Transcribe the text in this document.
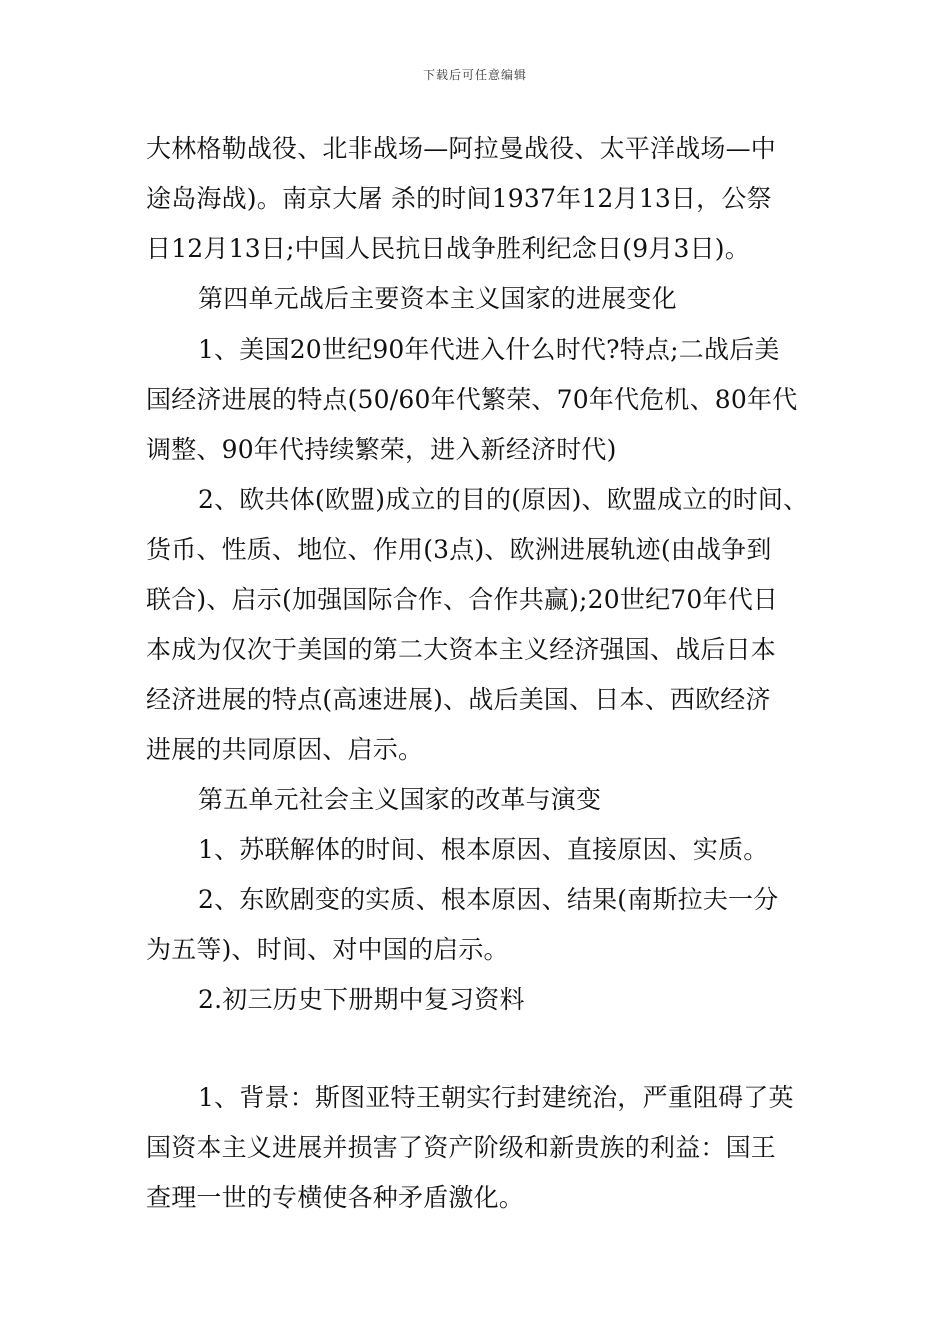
下载后可任意编辑
大林格勒战役、北非战场—阿拉曼战役、太平洋战场—中
途岛海战)。南京大屠 杀的时间1937年12月13日，公祭
日12月13日;中国人民抗日战争胜利纪念日(9月3日)。
第四单元战后主要资本主义国家的进展变化
1、美国20世纪90年代进入什么时代?特点;二战后美
国经济进展的特点(50/60年代繁荣、70年代危机、80年代
调整、90年代持续繁荣，进入新经济时代)
2、欧共体(欧盟)成立的目的(原因)、欧盟成立的时间、
货币、性质、地位、作用(3点)、欧洲进展轨迹(由战争到
联合)、启示(加强国际合作、合作共赢);20世纪70年代日
本成为仅次于美国的第二大资本主义经济强国、战后日本
经济进展的特点(高速进展)、战后美国、日本、西欧经济
进展的共同原因、启示。
第五单元社会主义国家的改革与演变
1、苏联解体的时间、根本原因、直接原因、实质。
2、东欧剧变的实质、根本原因、结果(南斯拉夫一分
为五等)、时间、对中国的启示。
2.初三历史下册期中复习资料
1、背景：斯图亚特王朝实行封建统治，严重阻碍了英
国资本主义进展并损害了资产阶级和新贵族的利益：国王
查理一世的专横使各种矛盾激化。
